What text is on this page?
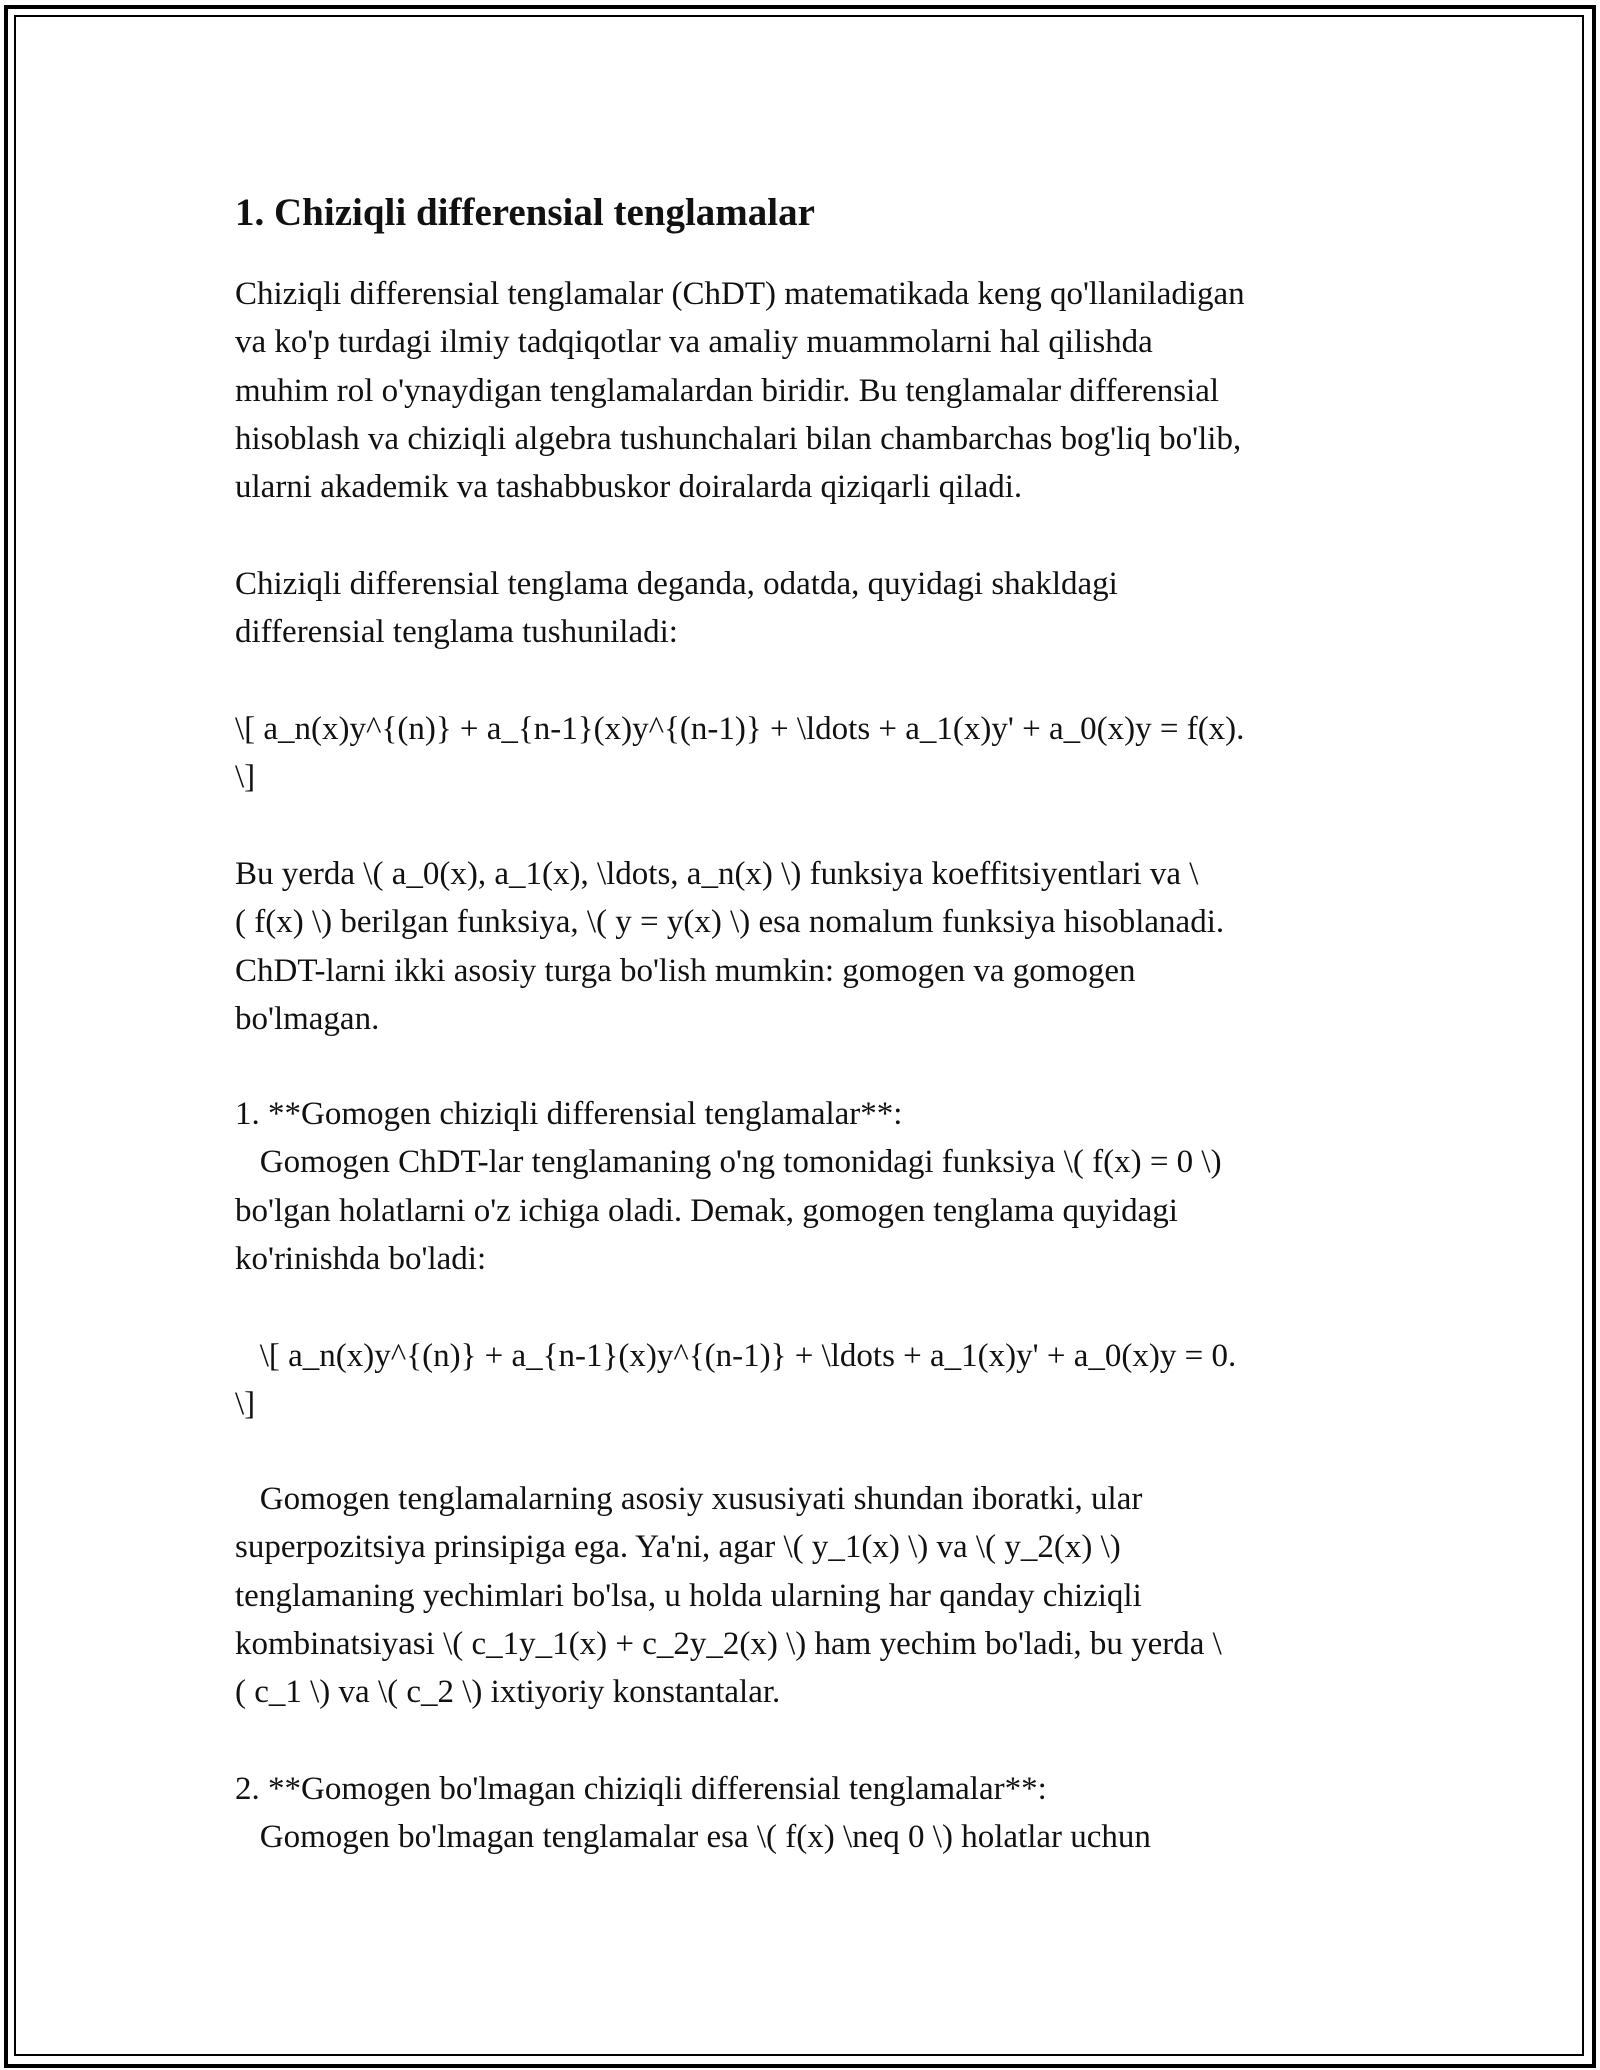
1. Chiziqli differensial tenglamalar

Chiziqli differensial tenglamalar (ChDT) matematikada keng qo'llaniladigan
va ko'p turdagi ilmiy tadqiqotlar va amaliy muammolarni hal qilishda
muhim rol o'ynaydigan tenglamalardan biridir. Bu tenglamalar differensial
hisoblash va chiziqli algebra tushunchalari bilan chambarchas bog'liq bo'lib,
ularni akademik va tashabbuskor doiralarda qiziqarli qiladi.

Chiziqli differensial tenglama deganda, odatda, quyidagi shakldagi
differensial tenglama tushuniladi:

\[ a_n(x)y^{(n)} + a_{n-1}(x)y^{(n-1)} + \ldots + a_1(x)y' + a_0(x)y = f(x).
\]

Bu yerda \( a_0(x), a_1(x), \ldots, a_n(x) \) funksiya koeffitsiyentlari va \
( f(x) \) berilgan funksiya, \( y = y(x) \) esa nomalum funksiya hisoblanadi.
ChDT-larni ikki asosiy turga bo'lish mumkin: gomogen va gomogen
bo'lmagan.

1. **Gomogen chiziqli differensial tenglamalar**:
Gomogen ChDT-lar tenglamaning o'ng tomonidagi funksiya \( f(x) = 0 \)
bo'lgan holatlarni o'z ichiga oladi. Demak, gomogen tenglama quyidagi
ko'rinishda bo'ladi:

\[ a_n(x)y^{(n)} + a_{n-1}(x)y^{(n-1)} + \ldots + a_1(x)y' + a_0(x)y = 0.
\]

Gomogen tenglamalarning asosiy xususiyati shundan iboratki, ular
superpozitsiya prinsipiga ega. Ya'ni, agar \( y_1(x) \) va \( y_2(x) \)
tenglamaning yechimlari bo'lsa, u holda ularning har qanday chiziqli
kombinatsiyasi \( c_1y_1(x) + c_2y_2(x) \) ham yechim bo'ladi, bu yerda \
( c_1 \) va \( c_2 \) ixtiyoriy konstantalar.

2. **Gomogen bo'lmagan chiziqli differensial tenglamalar**:
Gomogen bo'lmagan tenglamalar esa \( f(x) \neq 0 \) holatlar uchun
